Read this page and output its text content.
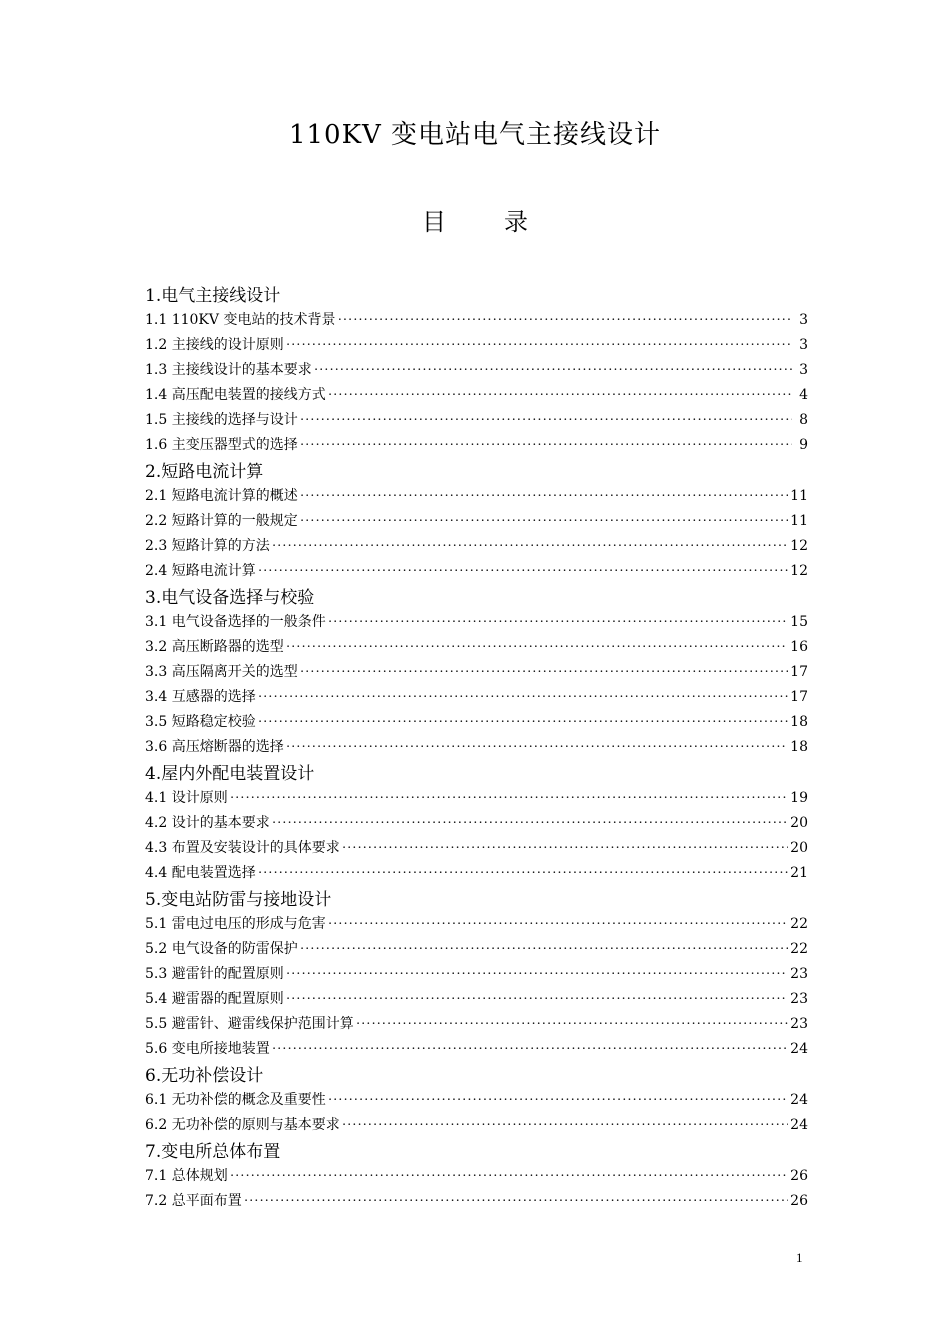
110KV 变电站电气主接线设计
目 录
1.电气主接线设计
1.1 110KV 变电站的技术背景 ·····	3
1.2 主接线的设计原则 ·····	3
1.3 主接线设计的基本要求 ·····	3
1.4 高压配电装置的接线方式 ·····	4
1.5 主接线的选择与设计 ·····	8
1.6 主变压器型式的选择 ·····	9
2.短路电流计算
2.1 短路电流计算的概述 ·····	11
2.2 短路计算的一般规定 ·····	11
2.3 短路计算的方法 ·····	12
2.4 短路电流计算 ·····	12
3.电气设备选择与校验
3.1 电气设备选择的一般条件 ·····	15
3.2 高压断路器的选型 ·····	16
3.3 高压隔离开关的选型 ·····	17
3.4 互感器的选择 ·····	17
3.5 短路稳定校验 ·····	18
3.6 高压熔断器的选择 ·····	18
4.屋内外配电装置设计
4.1 设计原则 ·····	19
4.2 设计的基本要求 ·····	20
4.3 布置及安装设计的具体要求 ·····	20
4.4 配电装置选择 ·····	21
5.变电站防雷与接地设计
5.1 雷电过电压的形成与危害 ·····	22
5.2 电气设备的防雷保护 ·····	22
5.3 避雷针的配置原则 ·····	23
5.4 避雷器的配置原则 ·····	23
5.5 避雷针、避雷线保护范围计算 ·····	23
5.6 变电所接地装置 ·····	24
6.无功补偿设计
6.1 无功补偿的概念及重要性 ·····	24
6.2 无功补偿的原则与基本要求 ·····	24
7.变电所总体布置
7.1 总体规划 ·····	26
7.2 总平面布置 ·····	26
1
